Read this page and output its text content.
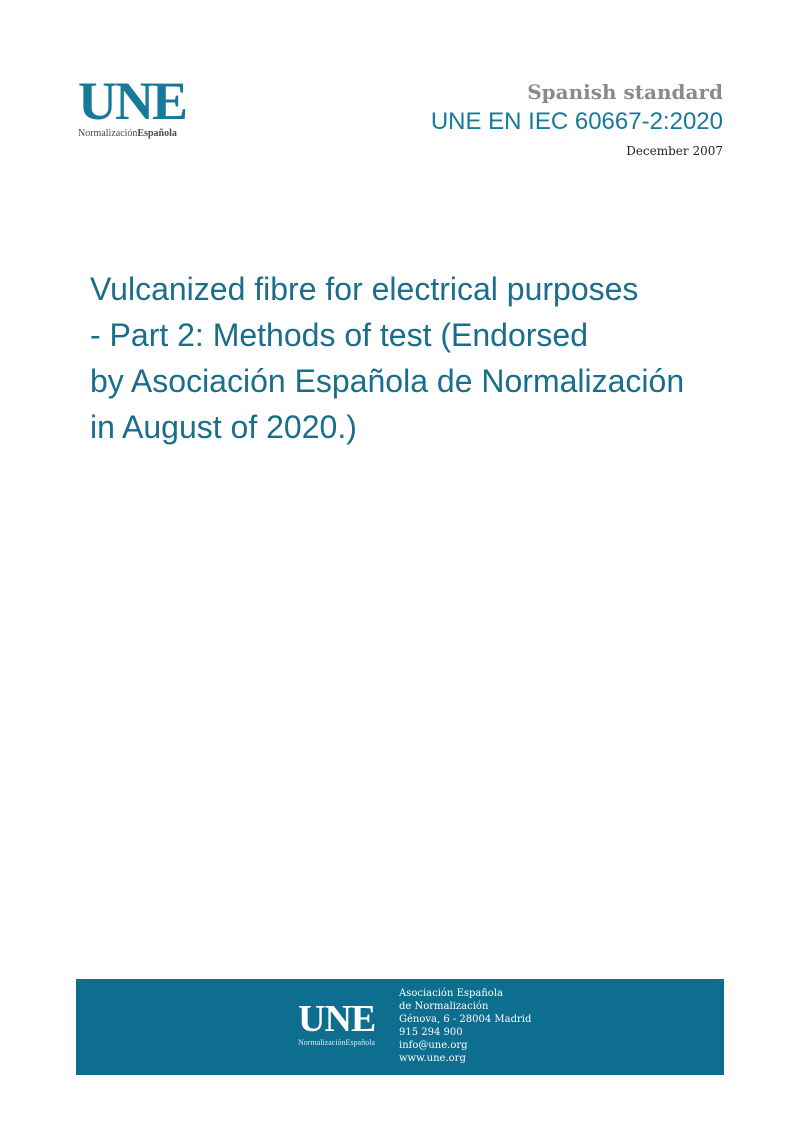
UNE
NormalizaciónEspañola
Spanish standard
UNE EN IEC 60667-2:2020
December 2007
Vulcanized fibre for electrical purposes
- Part 2: Methods of test (Endorsed
by Asociación Española de Normalización
in August of 2020.)
UNE
NormalizaciónEspañola
Asociación Española
de Normalización
Génova, 6 - 28004 Madrid
915 294 900
info@une.org
www.une.org
